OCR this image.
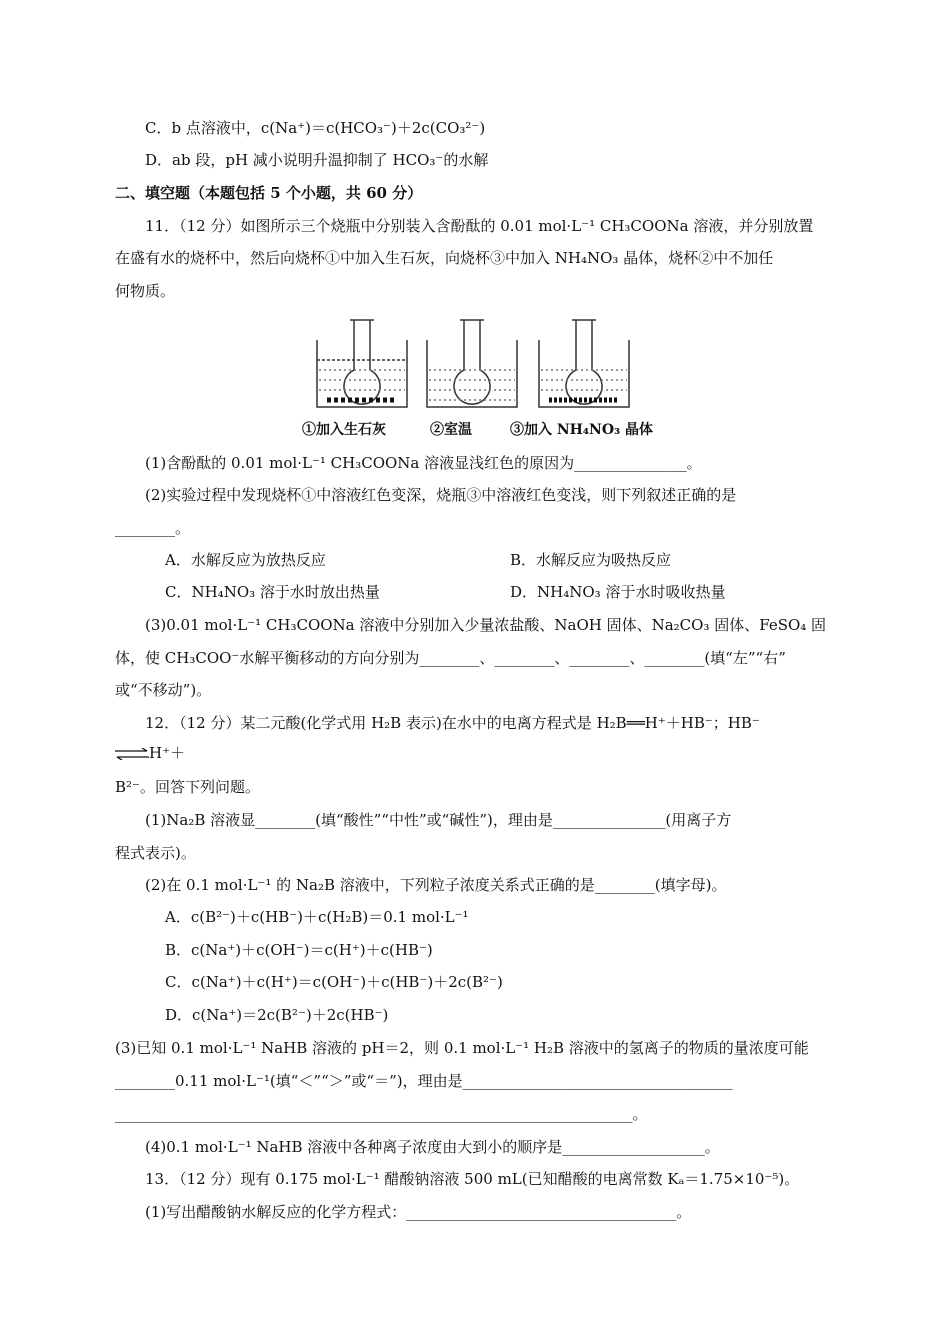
C．b 点溶液中，c(Na⁺)＝c(HCO₃⁻)＋2c(CO₃²⁻)
D．ab 段，pH 减小说明升温抑制了 HCO₃⁻的水解
二、填空题（本题包括 5 个小题，共 60 分）
11．（12 分）如图所示三个烧瓶中分别装入含酚酞的 0.01 mol·L⁻¹ CH₃COONa 溶液，并分别放置
在盛有水的烧杯中，然后向烧杯①中加入生石灰，向烧杯③中加入 NH₄NO₃ 晶体，烧杯②中不加任
何物质。
①加入生石灰	②室温	③加入 NH₄NO₃ 晶体
(1)含酚酞的 0.01 mol·L⁻¹ CH₃COONa 溶液显浅红色的原因为_______________。
(2)实验过程中发现烧杯①中溶液红色变深，烧瓶③中溶液红色变浅，则下列叙述正确的是
________。
A．水解反应为放热反应	B．水解反应为吸热反应
C．NH₄NO₃ 溶于水时放出热量	D．NH₄NO₃ 溶于水时吸收热量
(3)0.01 mol·L⁻¹ CH₃COONa 溶液中分别加入少量浓盐酸、NaOH 固体、Na₂CO₃ 固体、FeSO₄ 固
体，使 CH₃COO⁻水解平衡移动的方向分别为________、________、________、________(填“左”“右”
或“不移动”)。
12．（12 分）某二元酸(化学式用 H₂B 表示)在水中的电离方程式是 H₂B══H⁺＋HB⁻；HB⁻
⇌H⁺＋
B²⁻。回答下列问题。
(1)Na₂B 溶液显________(填“酸性”“中性”或“碱性”)，理由是_______________(用离子方
程式表示)。
(2)在 0.1 mol·L⁻¹ 的 Na₂B 溶液中，下列粒子浓度关系式正确的是________(填字母)。
A．c(B²⁻)＋c(HB⁻)＋c(H₂B)＝0.1 mol·L⁻¹
B．c(Na⁺)＋c(OH⁻)＝c(H⁺)＋c(HB⁻)
C．c(Na⁺)＋c(H⁺)＝c(OH⁻)＋c(HB⁻)＋2c(B²⁻)
D．c(Na⁺)＝2c(B²⁻)＋2c(HB⁻)
(3)已知 0.1 mol·L⁻¹ NaHB 溶液的 pH＝2，则 0.1 mol·L⁻¹ H₂B 溶液中的氢离子的物质的量浓度可能
________0.11 mol·L⁻¹(填“＜”“＞”或“＝”)，理由是____________________________________
_____________________________________________________________________。
(4)0.1 mol·L⁻¹ NaHB 溶液中各种离子浓度由大到小的顺序是___________________。
13．（12 分）现有 0.175 mol·L⁻¹ 醋酸钠溶液 500 mL(已知醋酸的电离常数 Kₐ＝1.75×10⁻⁵)。
(1)写出醋酸钠水解反应的化学方程式：____________________________________。
